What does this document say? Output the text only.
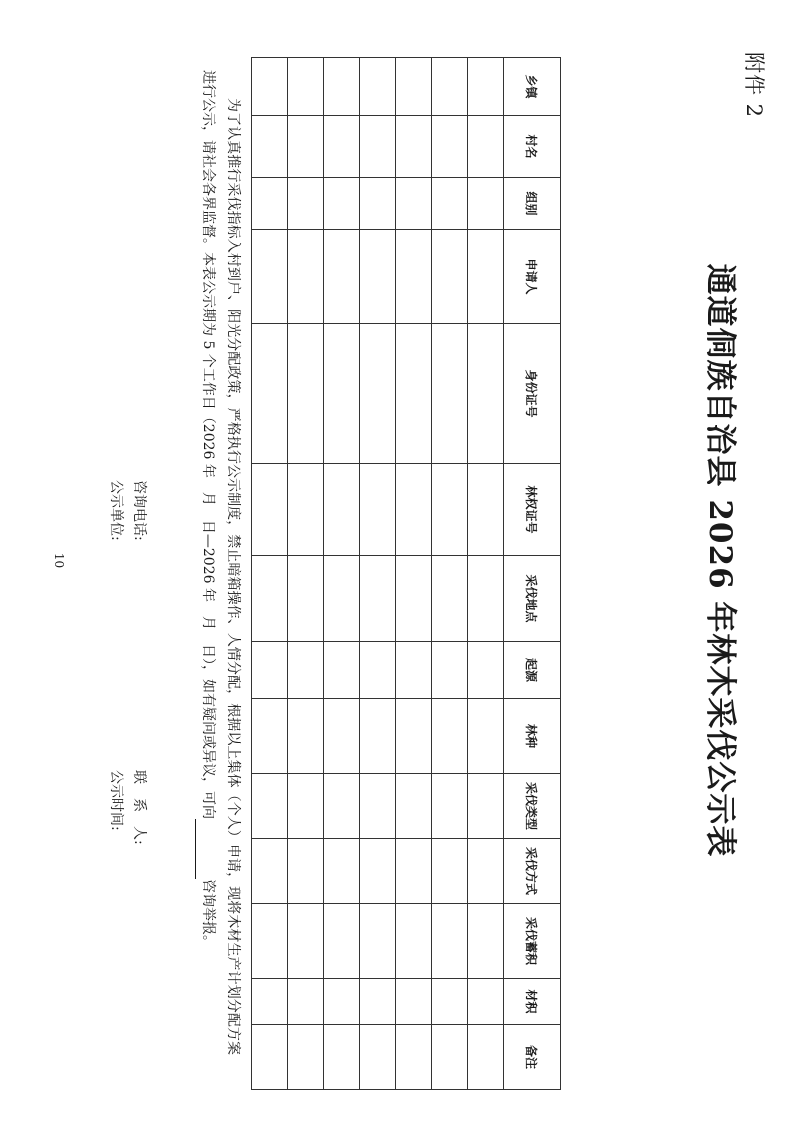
附件 2
通道侗族自治县 2026 年林木采伐公示表
乡镇	村名	组别	申请人	身份证号	林权证号	采伐地点	起源	林种	采伐类型	采伐方式	采伐蓄积	材积	备注

为了认真推行采伐指标入村到户、阳光分配政策，严格执行公示制度，禁止暗箱操作、人情分配，根据以上集体（个人）申请，现将木材生产计划分配方案进行公示，请社会各界监督。本表公示期为 5 个工作日（2026 年　月　日—2026 年　月　日），如有疑问或异议，可向咨询举报。
咨询电话:
联　系　人:
公示单位:
公示时间:
10
